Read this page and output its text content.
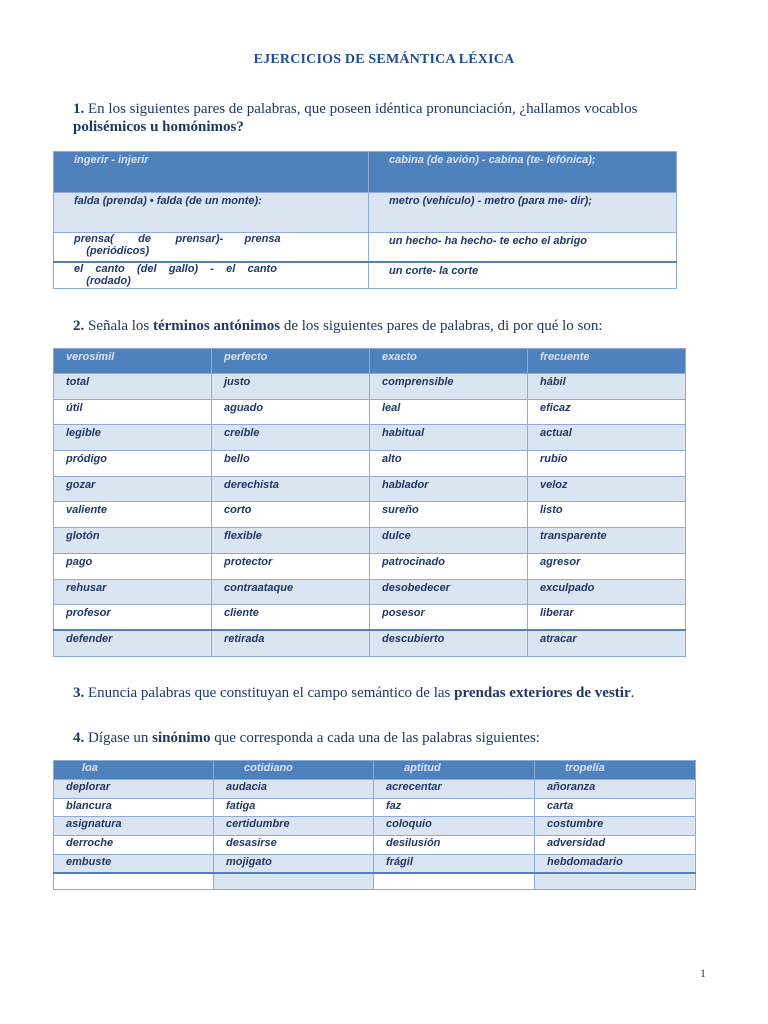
EJERCICIOS DE SEMÁNTICA LÉXICA
1. En los siguientes pares de palabras, que poseen idéntica pronunciación, ¿hallamos vocablos polisémicos u homónimos?
ingerir - injerir	cabina (de avión) - cabina (te- lefónica);
falda (prenda) • falda (de un monte):	metro (vehículo) - metro (para me- dir);
prensa(        de        prensar)-       prensa
(periódicos)	un hecho- ha hecho- te echo el abrigo
el    canto    (del    gallo)    -    el    canto
(rodado)	un corte- la corte
2. Señala los términos antónimos de los siguientes pares de palabras, di por qué lo son:
verosímil	perfecto	exacto	frecuente
total	justo	comprensible	hábil
útil	aguado	leal	eficaz
legible	creíble	habitual	actual
pródigo	bello	alto	rubio
gozar	derechista	hablador	veloz
valiente	corto	sureño	listo
glotón	flexible	dulce	transparente
pago	protector	patrocinado	agresor
rehusar	contraataque	desobedecer	exculpado
profesor	cliente	posesor	liberar
defender	retirada	descubierto	atracar
3. Enuncia palabras que constituyan el campo semántico de las prendas exteriores de vestir.
4. Dígase un sinónimo que corresponda a cada una de las palabras siguientes:
loa	cotidiano	aptitud	tropelía
deplorar	audacia	acrecentar	añoranza
blancura	fatiga	faz	carta
asignatura	certidumbre	coloquio	costumbre
derroche	desasirse	desilusión	adversidad
embuste	mojigato	frágil	hebdomadario

1
